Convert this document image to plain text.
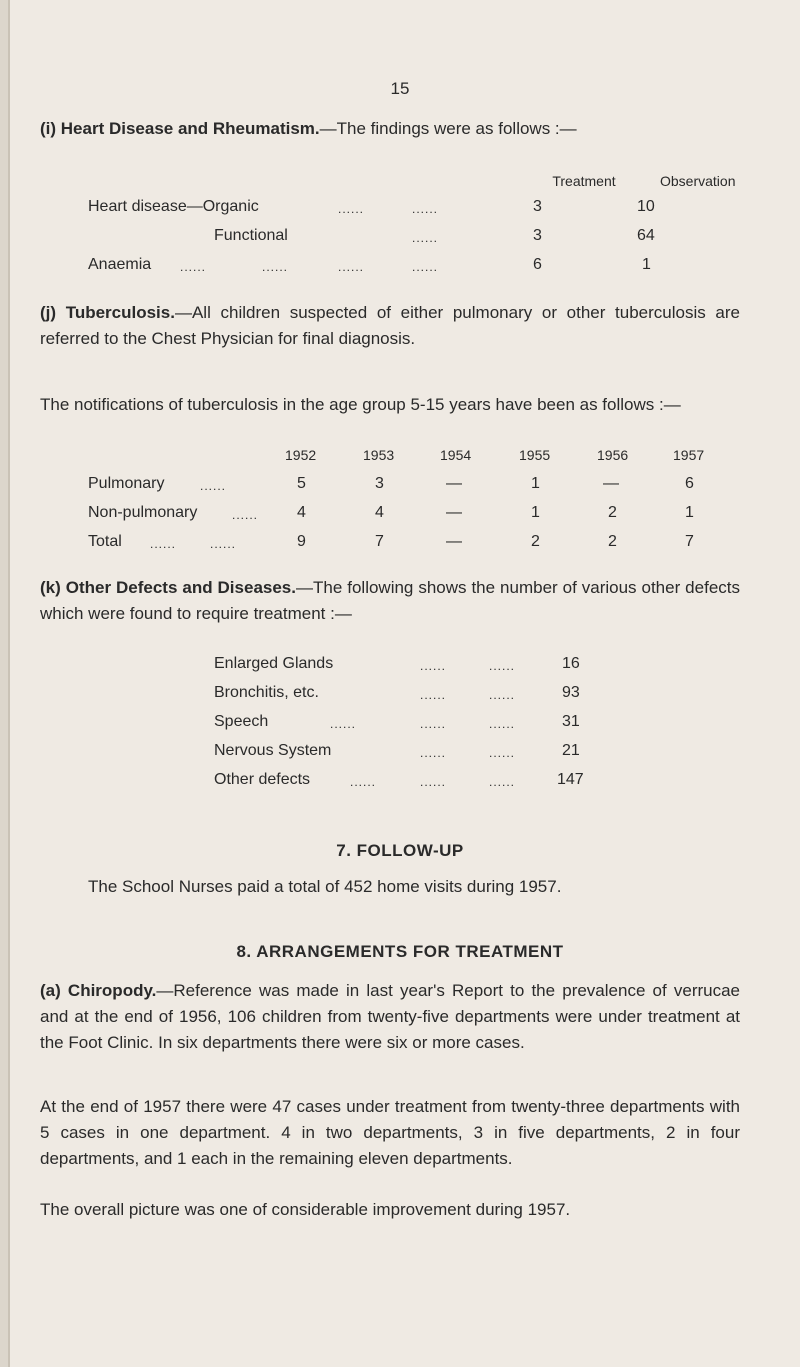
15

(i) Heart Disease and Rheumatism.—The findings were as follows :—

Treatment	Observation
Heart disease—Organic	......	......	3	10
Functional	......	3	64
Anaemia ......	......	......	......	6	1

(j) Tuberculosis.—All children suspected of either pulmonary or other tuberculosis are referred to the Chest Physician for final diagnosis.

The notifications of tuberculosis in the age group 5-15 years have been as follows :—

1952	1953	1954	1955	1956	1957
Pulmonary	......	5	3	—	1	—	6
Non-pulmonary	...... 4	4	—	1	2	1
Total ......	......	9	7	—	2	2	7

(k) Other Defects and Diseases.—The following shows the number of various other defects which were found to require treatment :—

Enlarged Glands	......	......	16
Bronchitis, etc.	......	......	93
Speech	......	......	......	31
Nervous System	......	......	21
Other defects	......	......	......	147
7. FOLLOW-UP

The School Nurses paid a total of 452 home visits during 1957.

8. ARRANGEMENTS FOR TREATMENT

(a) Chiropody.—Reference was made in last year's Report to the prevalence of verrucae and at the end of 1956, 106 children from twenty-five departments were under treatment at the Foot Clinic. In six departments there were six or more cases.

At the end of 1957 there were 47 cases under treatment from twenty-three departments with 5 cases in one department. 4 in two departments, 3 in five departments, 2 in four departments, and 1 each in the remaining eleven departments.

The overall picture was one of considerable improvement during 1957.
